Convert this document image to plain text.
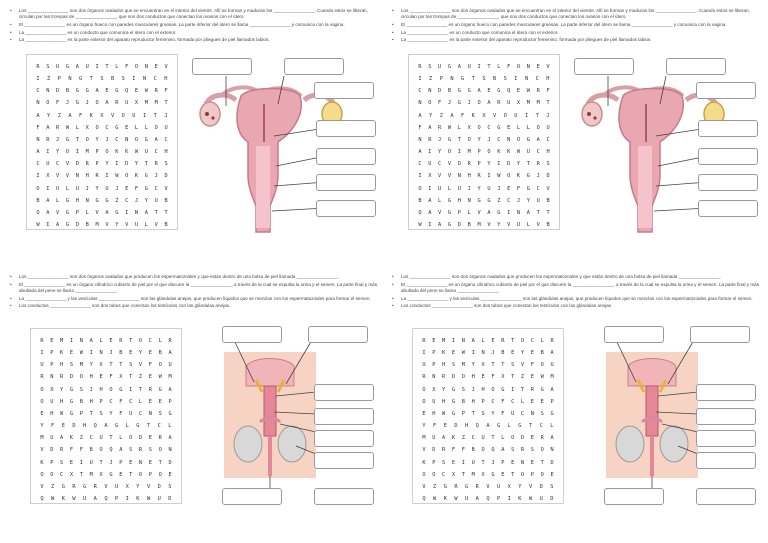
• Los ________________ son dos órganos ovalados que se encuentran en el interior del vientre. Allí se forman y maduran los ________________. Cuando estos se liberan, circulan por las trompas de ________________, que son dos conductos que conectan los ovarios con el útero.
• El ________________ es un órgano hueco con paredes musculares gruesas. La parte inferior del útero se llama ________________ y comunica con la vagina.
• La ________________ es un conducto que comunica el útero con el exterior.
• La ________________ es la parte exterior del aparato reproductor femenino, formada por pliegues de piel llamados labios.
R	S	U	G	A	U	I	T	L	F	O	N	E	V
I	Z	P	N	G	T	S	B	S	I	N	C	H
C	N	D	B	G	G	A	E	G	Q	E	W	R	F
N	O	F	J	G	J	O	A	R	U	X	M	M	T
A	Y	Z	A	F	K	X	V	O	U	I	T	J
F	A	R	W	L	X	O	C	G	E	L	L	O	U
N	R	J	G	T	O	Y	J	C	N	O	G	A	C
A	I	Y	O	I	M	P	O	K	K	W	U	C	H
C	U	C	V	D	R	P	Y	I	D	Y	T	R	S
I	X	V	V	N	H	R	I	W	O	K	G	J	D
O	I	U	L	U	J	Y	U	J	E	F	G	C	V
B	A	L	G	H	N	G	G	Z	C	J	Y	U	B
Q	A	V	G	P	L	V	A	G	I	N	A	T	T
W	I	A	G	D	B	M	V	Y	V	U	L	V	B
• Los ________________ son dos órganos ovalados que se encuentran en el interior del vientre. Allí se forman y maduran los ________________. Cuando estos se liberan, circulan por las trompas de ________________, que son dos conductos que conectan los ovarios con el útero.
• El ________________ es un órgano hueco con paredes musculares gruesas. La parte inferior del útero se llama ________________ y comunica con la vagina.
• La ________________ es un conducto que comunica el útero con el exterior.
• La ________________ es la parte exterior del aparato reproductor femenino, formada por pliegues de piel llamados labios.
R	S	U	G	A	U	I	T	L	F	O	N	E	V
I	Z	P	N	G	T	S	B	S	I	N	C	H
C	N	D	B	G	G	A	E	G	Q	E	W	R	F
N	O	F	J	G	J	O	A	R	U	X	M	M	T
A	Y	Z	A	F	K	X	V	O	U	I	T	J
F	A	R	W	L	X	O	C	G	E	L	L	O	U
N	R	J	G	T	O	Y	J	C	N	O	G	A	C
A	I	Y	O	I	M	P	O	K	K	W	U	C	H
C	U	C	V	D	R	P	Y	I	D	Y	T	R	S
I	X	V	V	N	H	R	I	W	O	K	G	J	D
O	I	U	L	U	J	Y	U	J	E	F	G	C	V
B	A	L	G	H	N	G	G	Z	C	J	Y	U	B
Q	A	V	G	P	L	V	A	G	I	N	A	T	T
W	I	A	G	D	B	M	V	Y	V	U	L	V	B
• Los ________________ son dos órganos ovalados que producen los espermatozoides y que están dentro de una bolsa de piel llamada ________________.
• El ________________ es un órgano cilíndrico cubierto de piel por el que discurre la ________________, a través de la cual se expulsa la orina y el semen. La parte final y más abultada del pene se llama ________________.
• La ________________ y las vesículas ________________ son las glándulas anejas, que producen líquidos que se mezclan con los espermatozoides para formar el semen.
• Los conductos ________________ son dos tubos que conectan los testículos con las glándulas anejas.
R	E	M	I	N	A	L	E	R	T	O	C	L	R
I	P	K	E	W	I	N	J	B	E	Y	E	B	A
U	P	H	S	M	Y	X	T	T	S	V	F	O	U
R	N	R	D	O	H	E	F	X	T	Z	E	W	M
O	X	Y	G	S	J	H	O	G	I	T	R	G	A
O	U	H	G	B	H	P	C	F	C	L	E	E	P
E	H	W	G	P	T	S	Y	F	U	C	N	S	G
Y	F	E	D	H	Q	A	G	L	G	T	C	L
M	U	A	K	Z	C	U	T	L	O	D	E	R	A
V	D	R	F	F	B	O	Q	A	S	R	S	O	N
K	P	S	E	I	U	T	J	P	E	N	E	T	D
O	O	C	X	T	M	X	G	E	T	O	P	O	E
V	Z	G	R	G	R	V	U	X	Y	V	D	S
Q	W	K	W	U	A	Q	P	I	K	W	U	D
• Los ________________ son dos órganos ovalados que producen los espermatozoides y que están dentro de una bolsa de piel llamada ________________.
• El ________________ es un órgano cilíndrico cubierto de piel por el que discurre la ________________, a través de la cual se expulsa la orina y el semen. La parte final y más abultada del pene se llama ________________.
• La ________________ y las vesículas ________________ son las glándulas anejas, que producen líquidos que se mezclan con los espermatozoides para formar el semen.
• Los conductos ________________ son dos tubos que conectan los testículos con las glándulas anejas.
R	E	M	I	N	A	L	E	R	T	O	C	L	R
I	P	K	E	W	I	N	J	B	E	Y	E	B	A
U	P	H	S	M	Y	X	T	T	S	V	F	O	U
R	N	R	D	O	H	E	F	X	T	Z	E	W	M
O	X	Y	G	S	J	H	O	G	I	T	R	G	A
O	U	H	G	B	H	P	C	F	C	L	E	E	P
E	H	W	G	P	T	S	Y	F	U	C	N	S	G
Y	F	E	D	H	Q	A	G	L	G	T	C	L
M	U	A	K	Z	C	U	T	L	O	D	E	R	A
V	D	R	F	F	B	O	Q	A	S	R	S	O	N
K	P	S	E	I	U	T	J	P	E	N	E	T	D
O	O	C	X	T	M	X	G	E	T	O	P	O	E
V	Z	G	R	G	R	V	U	X	Y	V	D	S
Q	W	K	W	U	A	Q	P	I	K	W	U	D
